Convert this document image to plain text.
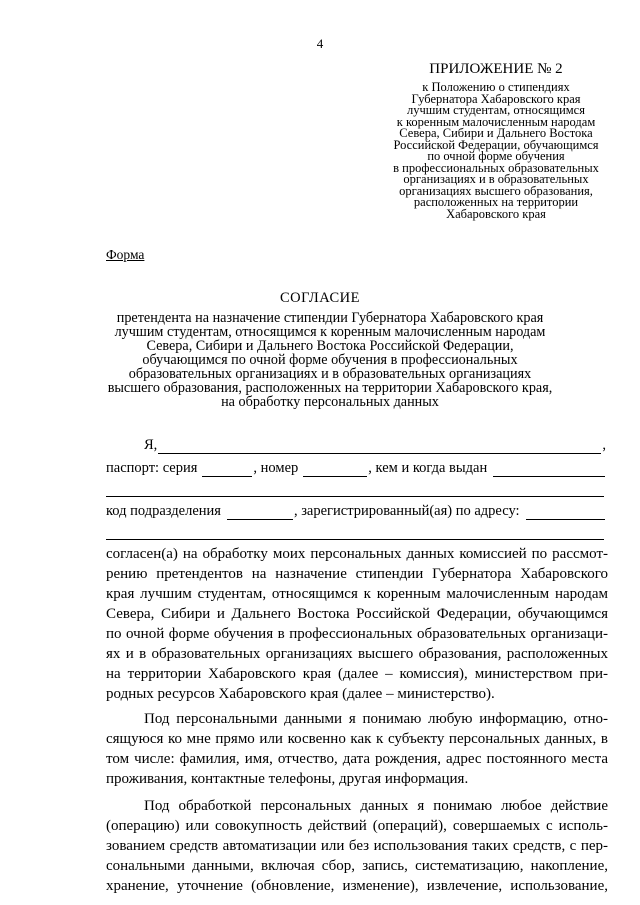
4
ПРИЛОЖЕНИЕ № 2
к Положению о стипендиях
Губернатора Хабаровского края
лучшим студентам, относящимся
к коренным малочисленным народам
Севера, Сибири и Дальнего Востока
Российской Федерации, обучающимся
по очной форме обучения
в профессиональных образовательных
организациях и в образовательных
организациях высшего образования,
расположенных на территории
Хабаровского края
Форма
СОГЛАСИЕ
претендента на назначение стипендии Губернатора Хабаровского края
лучшим студентам, относящимся к коренным малочисленным народам
Севера, Сибири и Дальнего Востока Российской Федерации,
обучающимся по очной форме обучения в профессиональных
образовательных организациях и в образовательных организациях
высшего образования, расположенных на территории Хабаровского края,
на обработку персональных данных
Я,	,
паспорт: серия	, номер	, кем и когда выдан
код подразделения	, зарегистрированный(ая) по адресу:
согласен(а) на обработку моих персональных данных комиссией по рассмот-
рению претендентов на назначение стипендии Губернатора Хабаровского
края лучшим студентам, относящимся к коренным малочисленным народам
Севера, Сибири и Дальнего Востока Российской Федерации, обучающимся
по очной форме обучения в профессиональных образовательных организаци-
ях и в образовательных организациях высшего образования, расположенных
на территории Хабаровского края (далее – комиссия), министерством при-
родных ресурсов Хабаровского края (далее – министерство).
Под персональными данными я понимаю любую информацию, отно-
сящуюся ко мне прямо или косвенно как к субъекту персональных данных, в
том числе: фамилия, имя, отчество, дата рождения, адрес постоянного места
проживания, контактные телефоны, другая информация.
Под обработкой персональных данных я понимаю любое действие
(операцию) или совокупность действий (операций), совершаемых с исполь-
зованием средств автоматизации или без использования таких средств, с пер-
сональными данными, включая сбор, запись, систематизацию, накопление,
хранение, уточнение (обновление, изменение), извлечение, использование,
